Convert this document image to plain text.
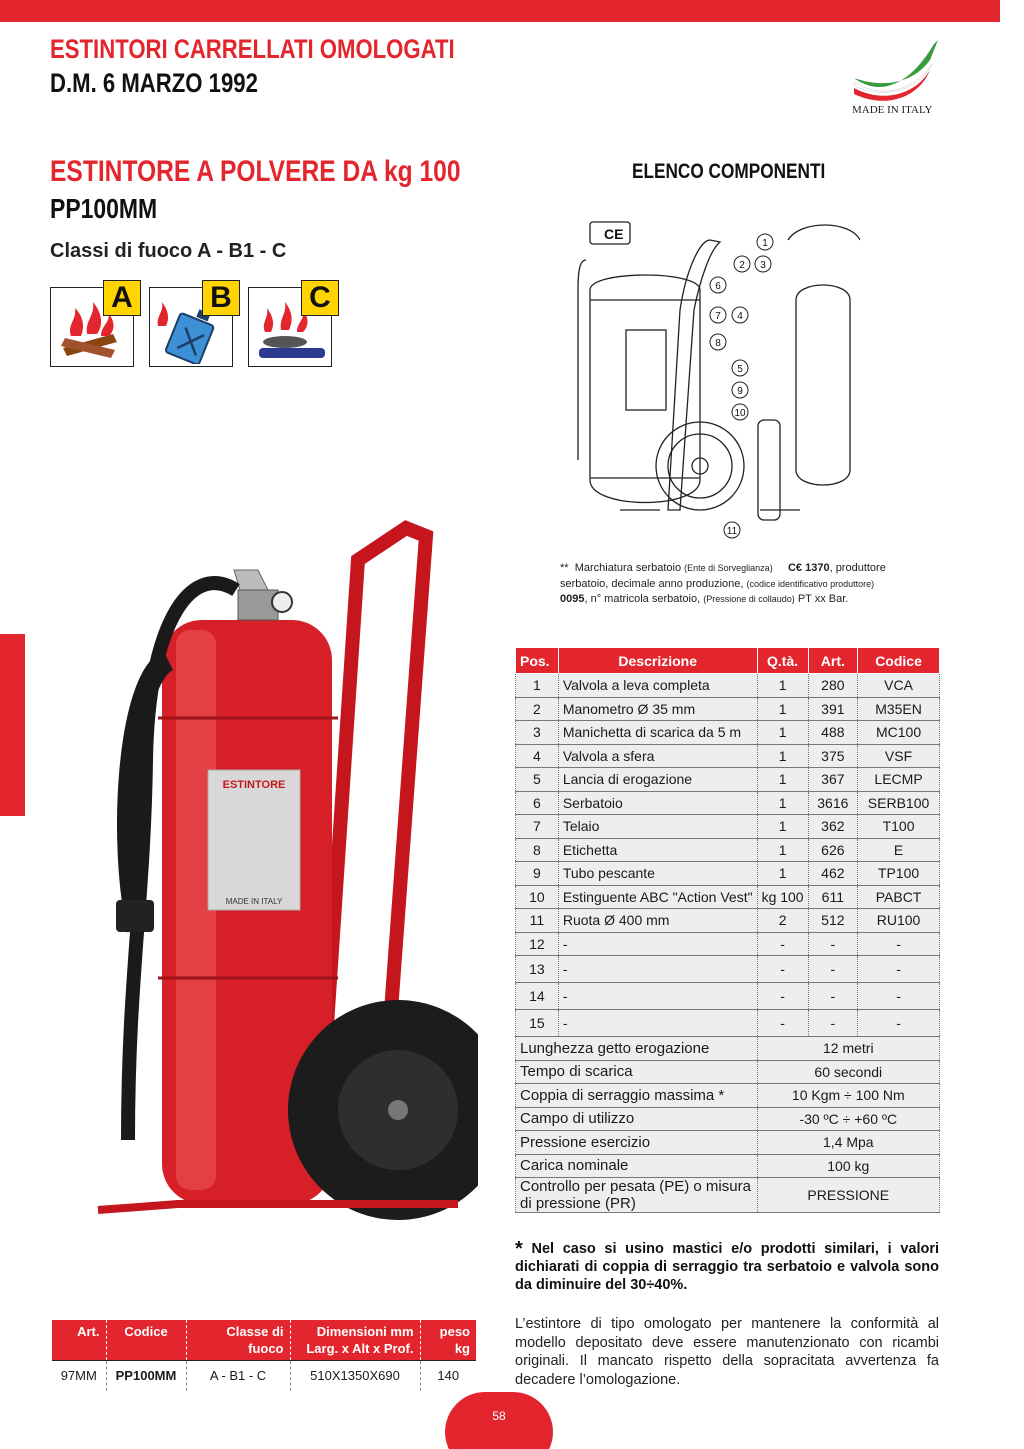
ESTINTORI CARRELLATI OMOLOGATI
D.M. 6 MARZO 1992
MADE IN ITALY
ESTINTORE A POLVERE DA kg 100
PP100MM
Classi di fuoco A - B1 - C
A	B	C
ESTINTORE
MADE IN ITALY
ELENCO COMPONENTI
CE
1
2 3
6
7 4
8
5
9
10
11
** Marchiatura serbatoio (Ente di Sorveglianza) C€ 1370, produttore serbatoio, decimale anno produzione, (codice identificativo produttore) 0095, n° matricola serbatoio, (Pressione di collaudo) PT xx Bar.
Pos.	Descrizione	Q.tà.	Art.	Codice
1	Valvola a leva completa	1	280	VCA
2	Manometro Ø 35 mm	1	391	M35EN
3	Manichetta di scarica da 5 m	1	488	MC100
4	Valvola a sfera	1	375	VSF
5	Lancia di erogazione	1	367	LECMP
6	Serbatoio	1	3616	SERB100
7	Telaio	1	362	T100
8	Etichetta	1	626	E
9	Tubo pescante	1	462	TP100
10	Estinguente ABC "Action Vest"	kg 100	611	PABCT
11	Ruota Ø 400 mm	2	512	RU100
12	-	-	-	-
13	-	-	-	-
14	-	-	-	-
15	-	-	-	-
Lunghezza getto erogazione		12 metri		
Tempo di scarica		60 secondi		
Coppia di serraggio massima *		10 Kgm ÷ 100 Nm		
Campo di utilizzo		-30 ºC ÷ +60 ºC		
Pressione esercizio		1,4 Mpa		
Carica nominale		100 kg		
Controllo per pesata (PE) o misura di pressione (PR)		PRESSIONE		
* Nel caso si usino mastici e/o prodotti similari, i valori dichiarati di coppia di serraggio tra serbatoio e valvola sono da diminuire del 30÷40%.
L’estintore di tipo omologato per mantenere la conformità al modello depositato deve essere manutenzionato con ricambi originali. Il mancato rispetto della sopracitata avvertenza fa decadere l’omologazione.
Art.	Codice	Classe di fuoco	Dimensioni mm Larg. x Alt x Prof.	peso kg
97MM	PP100MM	A - B1 - C	510X1350X690	140
58
